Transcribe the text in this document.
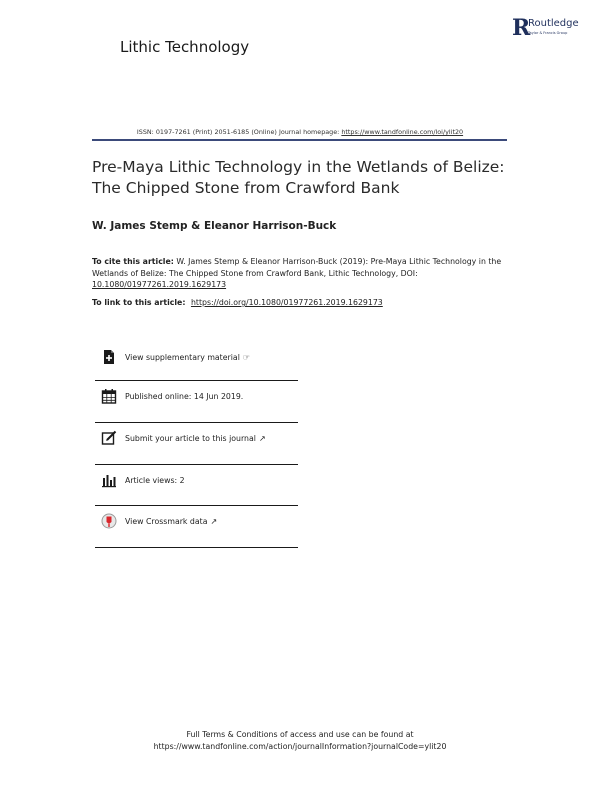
Lithic Technology
R
Routledge
Taylor & Francis Group
ISSN: 0197-7261 (Print) 2051-6185 (Online) Journal homepage: https://www.tandfonline.com/loi/ylit20
Pre-Maya Lithic Technology in the Wetlands of Belize: The Chipped Stone from Crawford Bank
W. James Stemp & Eleanor Harrison-Buck
To cite this article: W. James Stemp & Eleanor Harrison-Buck (2019): Pre-Maya Lithic Technology in the Wetlands of Belize: The Chipped Stone from Crawford Bank, Lithic Technology, DOI: 10.1080/01977261.2019.1629173
To link to this article: https://doi.org/10.1080/01977261.2019.1629173
View supplementary material ☞
Published online: 14 Jun 2019.
Submit your article to this journal ↗
Article views: 2
View Crossmark data ↗
Full Terms & Conditions of access and use can be found at
https://www.tandfonline.com/action/journalInformation?journalCode=ylit20
